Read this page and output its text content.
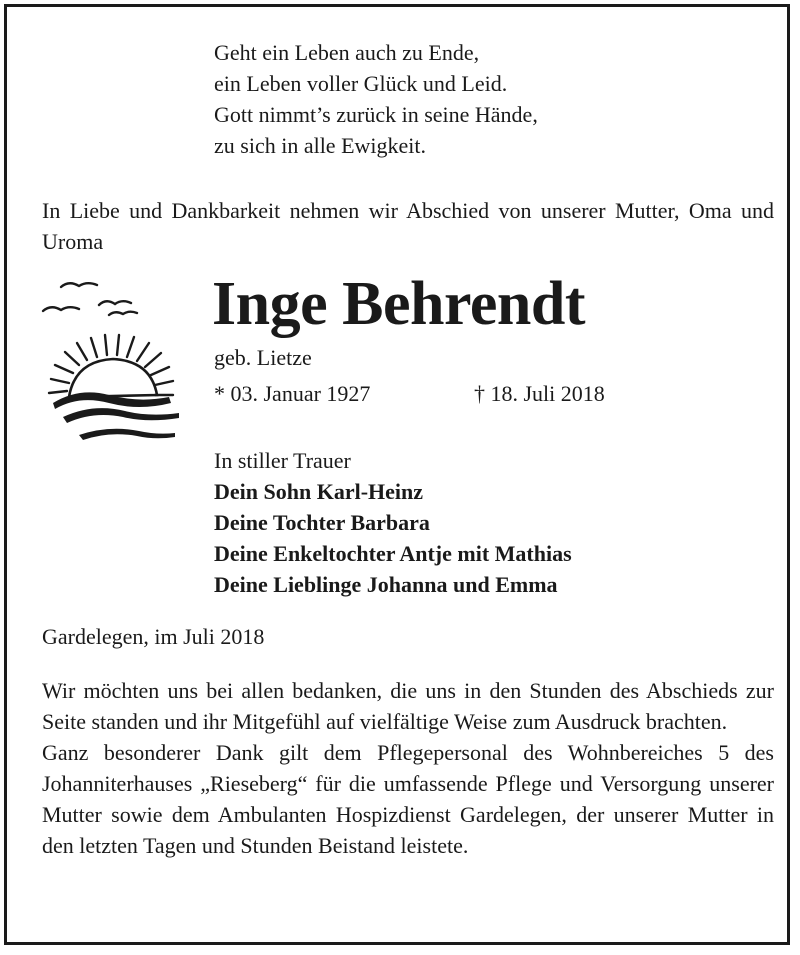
Geht ein Leben auch zu Ende,
ein Leben voller Glück und Leid.
Gott nimmt’s zurück in seine Hände,
zu sich in alle Ewigkeit.
In Liebe und Dankbarkeit nehmen wir Abschied von unserer Mutter, Oma und Uroma
Inge Behrendt
geb. Lietze
* 03. Januar 1927	† 18. Juli 2018
In stiller Trauer
Dein Sohn Karl-Heinz
Deine Tochter Barbara
Deine Enkeltochter Antje mit Mathias
Deine Lieblinge Johanna und Emma
Gardelegen, im Juli 2018

Wir möchten uns bei allen bedanken, die uns in den Stunden des Abschieds zur Seite standen und ihr Mitgefühl auf vielfältige Weise zum Ausdruck brachten.

Ganz besonderer Dank gilt dem Pflegepersonal des Wohnbereiches 5 des Johanniterhauses „Rieseberg“ für die umfassende Pflege und Versorgung unserer Mutter sowie dem Ambulanten Hospizdienst Gardelegen, der unserer Mutter in den letzten Tagen und Stunden Beistand leistete.
